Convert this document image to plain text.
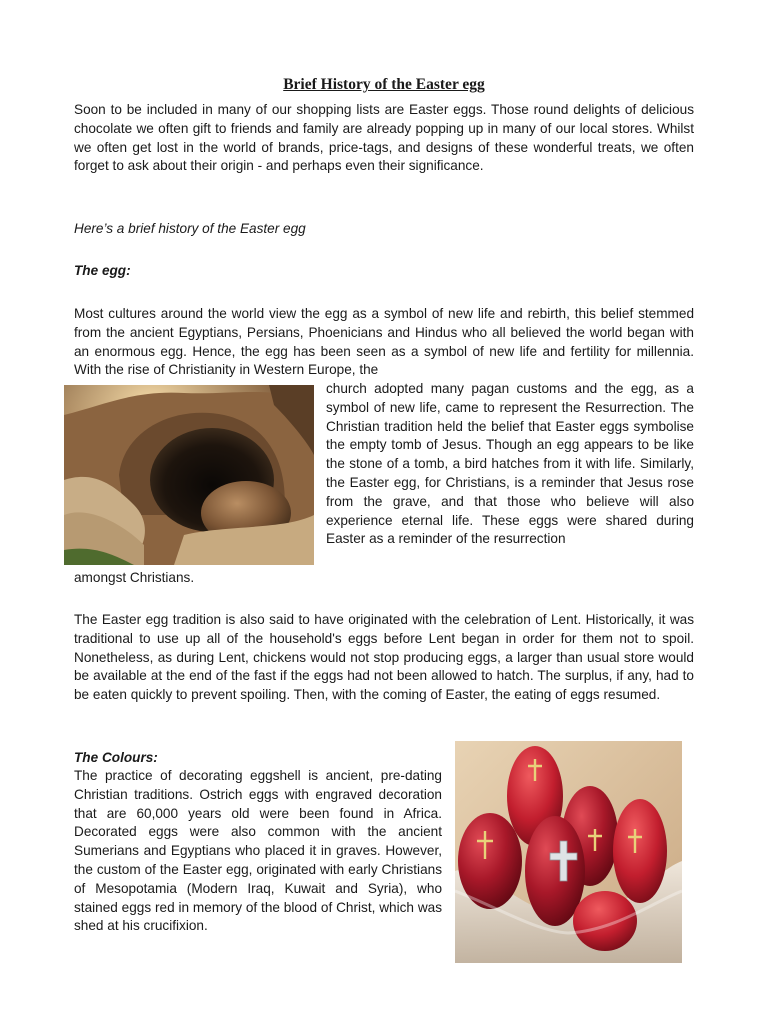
Brief History of the Easter egg

Soon to be included in many of our shopping lists are Easter eggs. Those round delights of delicious chocolate we often gift to friends and family are already popping up in many of our local stores. Whilst we often get lost in the world of brands, price-tags, and designs of these wonderful treats, we often forget to ask about their origin - and perhaps even their significance.

Here’s a brief history of the Easter egg

The egg:

Most cultures around the world view the egg as a symbol of new life and rebirth, this belief stemmed from the ancient Egyptians, Persians, Phoenicians and Hindus who all believed the world began with an enormous egg. Hence, the egg has been seen as a symbol of new life and fertility for millennia. With the rise of Christianity in Western Europe, the

church adopted many pagan customs and the egg, as a symbol of new life, came to represent the Resurrection. The Christian tradition held the belief that Easter eggs symbolise the empty tomb of Jesus. Though an egg appears to be like the stone of a tomb, a bird hatches from it with life. Similarly, the Easter egg, for Christians, is a reminder that Jesus rose from the grave, and that those who believe will also experience eternal life. These eggs were shared during Easter as a reminder of the resurrection

amongst Christians.

The Easter egg tradition is also said to have originated with the celebration of Lent. Historically, it was traditional to use up all of the household's eggs before Lent began in order for them not to spoil. Nonetheless, as during Lent, chickens would not stop producing eggs, a larger than usual store would be available at the end of the fast if the eggs had not been allowed to hatch. The surplus, if any, had to be eaten quickly to prevent spoiling. Then, with the coming of Easter, the eating of eggs resumed.

The Colours:

The practice of decorating eggshell is ancient, pre-dating Christian traditions. Ostrich eggs with engraved decoration that are 60,000 years old were been found in Africa. Decorated eggs were also common with the ancient Sumerians and Egyptians who placed it in graves. However, the custom of the Easter egg, originated with early Christians of Mesopotamia (Modern Iraq, Kuwait and Syria), who stained eggs red in memory of the blood of Christ, which was shed at his crucifixion.
